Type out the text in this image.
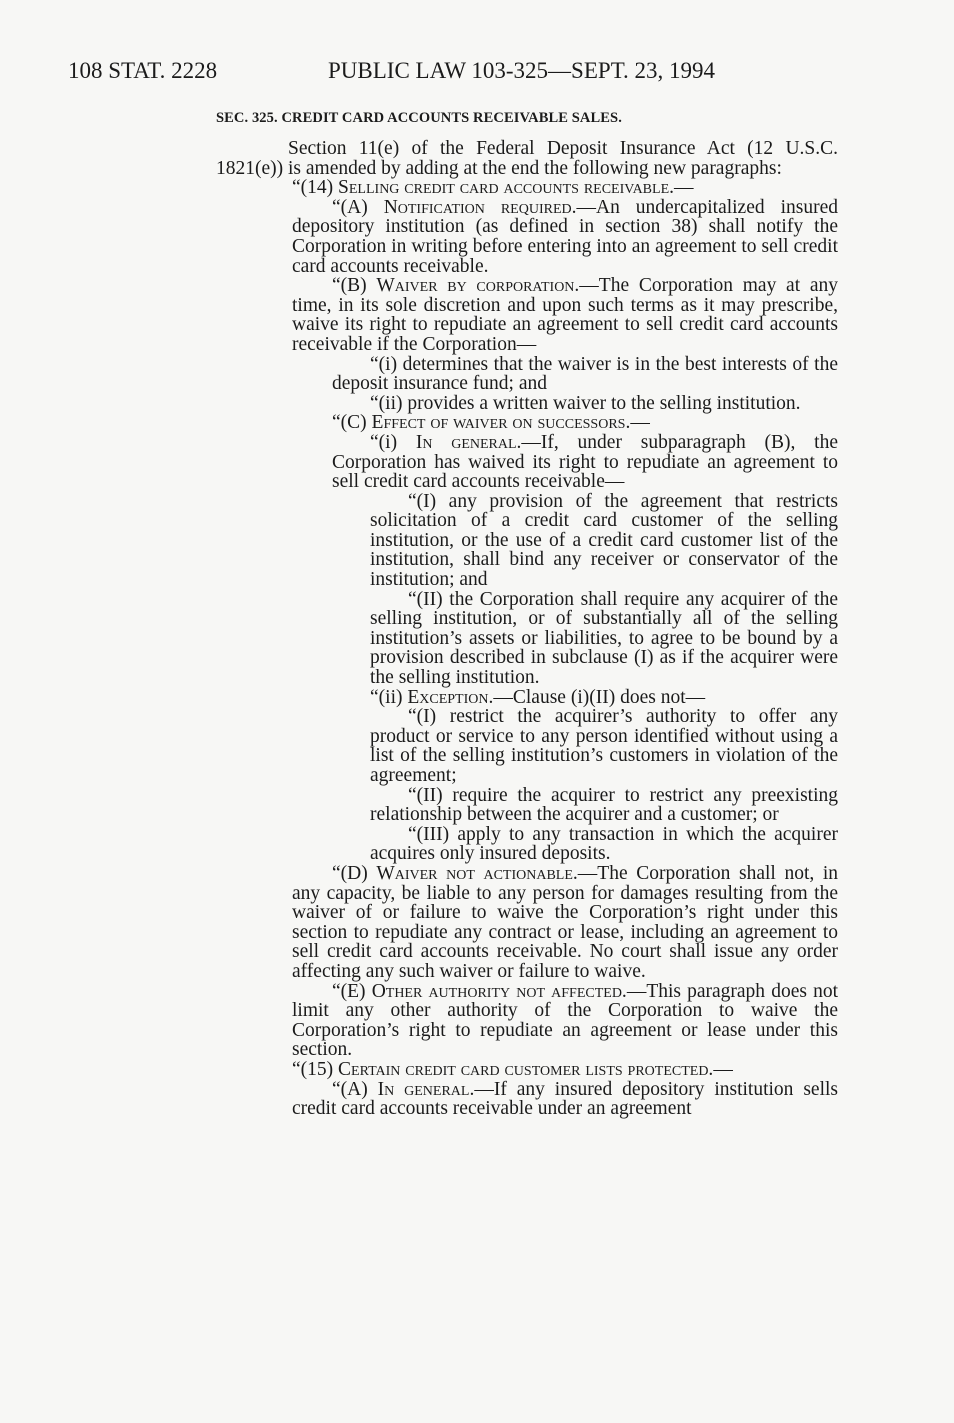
108 STAT. 2228	PUBLIC LAW 103-325—SEPT. 23, 1994
SEC. 325. CREDIT CARD ACCOUNTS RECEIVABLE SALES.

Section 11(e) of the Federal Deposit Insurance Act (12 U.S.C. 1821(e)) is amended by adding at the end the following new paragraphs:

“(14) Selling credit card accounts receivable.—

“(A) Notification required.—An undercapitalized insured depository institution (as defined in section 38) shall notify the Corporation in writing before entering into an agreement to sell credit card accounts receivable.

“(B) Waiver by corporation.—The Corporation may at any time, in its sole discretion and upon such terms as it may prescribe, waive its right to repudiate an agreement to sell credit card accounts receivable if the Corporation—

“(i) determines that the waiver is in the best interests of the deposit insurance fund; and

“(ii) provides a written waiver to the selling institution.

“(C) Effect of waiver on successors.—

“(i) In general.—If, under subparagraph (B), the Corporation has waived its right to repudiate an agreement to sell credit card accounts receivable—

“(I) any provision of the agreement that restricts solicitation of a credit card customer of the selling institution, or the use of a credit card customer list of the institution, shall bind any receiver or conservator of the institution; and

“(II) the Corporation shall require any acquirer of the selling institution, or of substantially all of the selling institution’s assets or liabilities, to agree to be bound by a provision described in subclause (I) as if the acquirer were the selling institution.

“(ii) Exception.—Clause (i)(II) does not—

“(I) restrict the acquirer’s authority to offer any product or service to any person identified without using a list of the selling institution’s customers in violation of the agreement;

“(II) require the acquirer to restrict any preexisting relationship between the acquirer and a customer; or

“(III) apply to any transaction in which the acquirer acquires only insured deposits.

“(D) Waiver not actionable.—The Corporation shall not, in any capacity, be liable to any person for damages resulting from the waiver of or failure to waive the Corporation’s right under this section to repudiate any contract or lease, including an agreement to sell credit card accounts receivable. No court shall issue any order affecting any such waiver or failure to waive.

“(E) Other authority not affected.—This paragraph does not limit any other authority of the Corporation to waive the Corporation’s right to repudiate an agreement or lease under this section.

“(15) Certain credit card customer lists protected.—

“(A) In general.—If any insured depository institution sells credit card accounts receivable under an agreement
